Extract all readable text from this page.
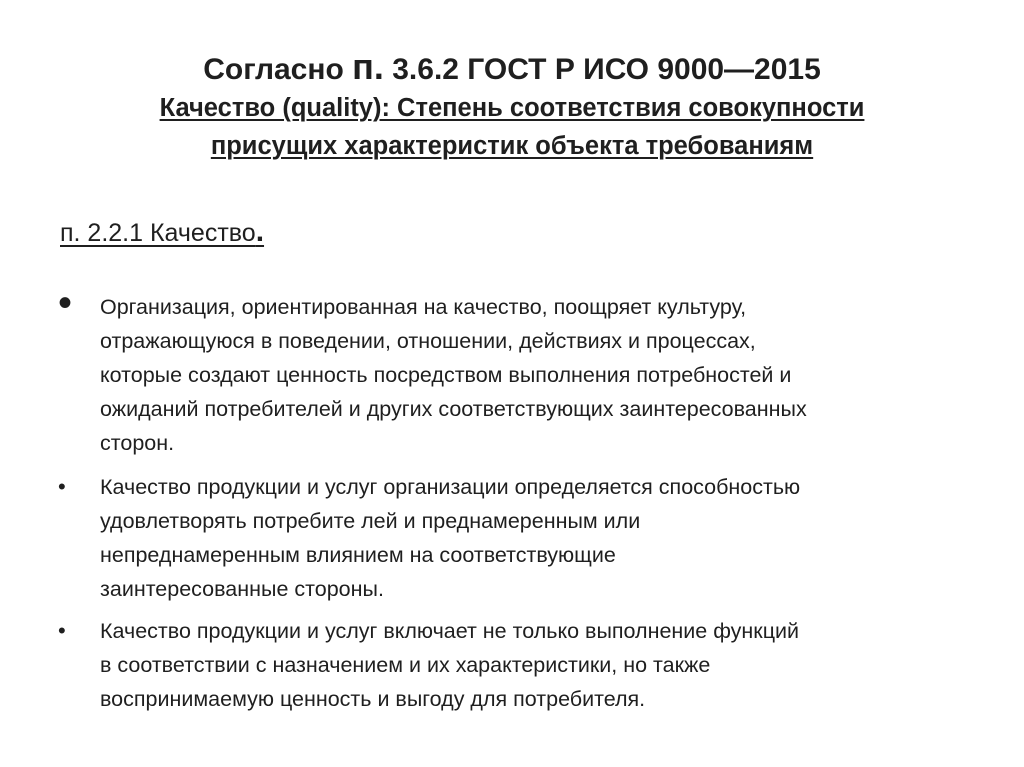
Согласно п. 3.6.2 ГОСТ Р ИСО 9000—2015
Качество (quality): Степень соответствия совокупности
присущих характеристик объекта требованиям
п. 2.2.1 Качество.
• Организация, ориентированная на качество, поощряет культуру,
отражающуюся в поведении, отношении, действиях и процессах,
которые создают ценность посредством выполнения потребностей и
ожиданий потребителей и других соответствующих заинтересованных
сторон.
• Качество продукции и услуг организации определяется способностью
удовлетворять потребите лей и преднамеренным или
непреднамеренным влиянием на соответствующие
заинтересованные стороны.
• Качество продукции и услуг включает не только выполнение функций
в соответствии с назначением и их характеристики, но также
воспринимаемую ценность и выгоду для потребителя.
